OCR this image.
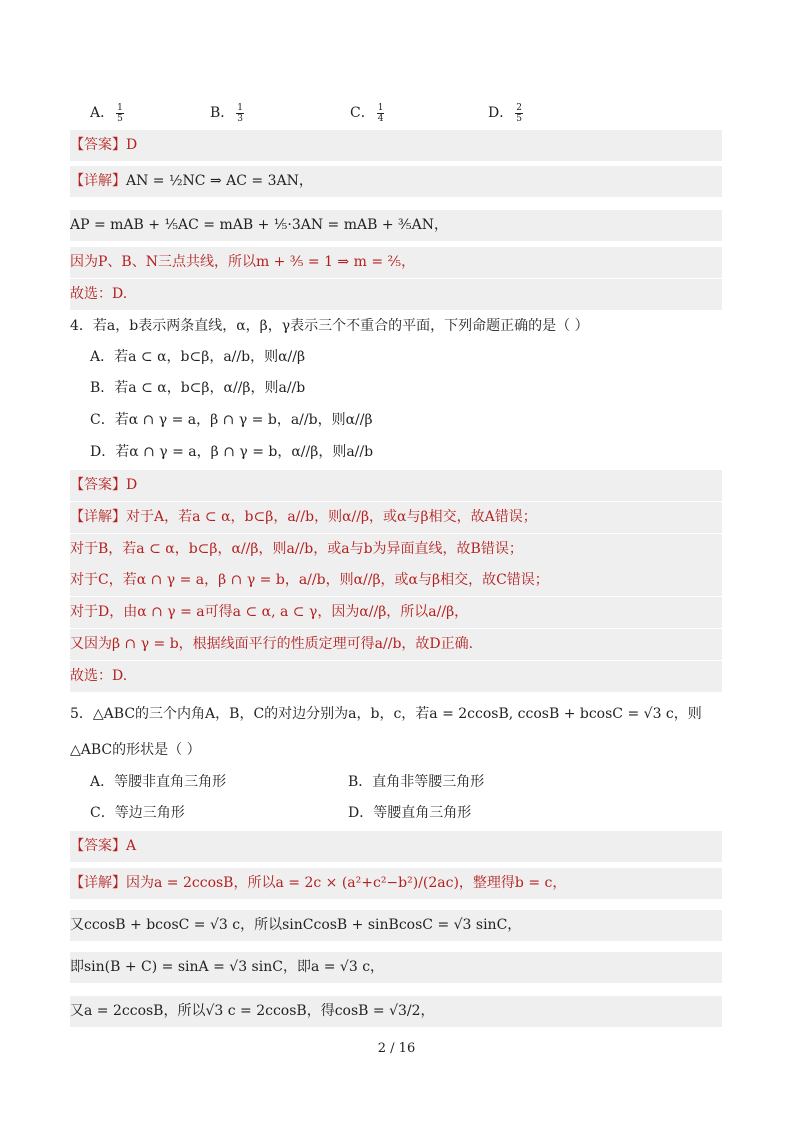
A． $\frac{1}{5}$	B． $\frac{1}{3}$	C． $\frac{1}{4}$	D． $\frac{2}{5}$
【答案】D
【详解】AN = ½NC ⇒ AC = 3AN，
AP = mAB + ⅕AC = mAB + ⅕·3AN = mAB + ⅗AN，
因为P、B、N三点共线，所以m + ⅗ = 1 ⇒ m = ⅖，
故选：D.
4．若a，b表示两条直线，α，β，γ表示三个不重合的平面，下列命题正确的是（ ）
A．若a ⊂ α，b⊂β，a//b，则α//β
B．若a ⊂ α，b⊂β，α//β，则a//b
C．若α ∩ γ = a，β ∩ γ = b，a//b，则α//β
D．若α ∩ γ = a，β ∩ γ = b，α//β，则a//b
【答案】D
【详解】对于A，若a ⊂ α，b⊂β，a//b，则α//β，或α与β相交，故A错误；
对于B，若a ⊂ α，b⊂β，α//β，则a//b，或a与b为异面直线，故B错误；
对于C，若α ∩ γ = a，β ∩ γ = b，a//b，则α//β，或α与β相交，故C错误；
对于D，由α ∩ γ = a可得a ⊂ α, a ⊂ γ，因为α//β，所以a//β，
又因为β ∩ γ = b，根据线面平行的性质定理可得a//b，故D正确.
故选：D.
5．△ABC的三个内角A，B，C的对边分别为a，b，c，若a = 2ccosB, ccosB + bcosC = √3 c，则
△ABC的形状是（ ）
A．等腰非直角三角形	B．直角非等腰三角形
C．等边三角形	D．等腰直角三角形
【答案】A
【详解】因为a = 2ccosB，所以a = 2c × (a²+c²−b²)/(2ac)，整理得b = c，
又ccosB + bcosC = √3 c，所以sinCcosB + sinBcosC = √3 sinC，
即sin(B + C) = sinA = √3 sinC，即a = √3 c，
又a = 2ccosB，所以√3 c = 2ccosB，得cosB = √3/2，
2 / 16
